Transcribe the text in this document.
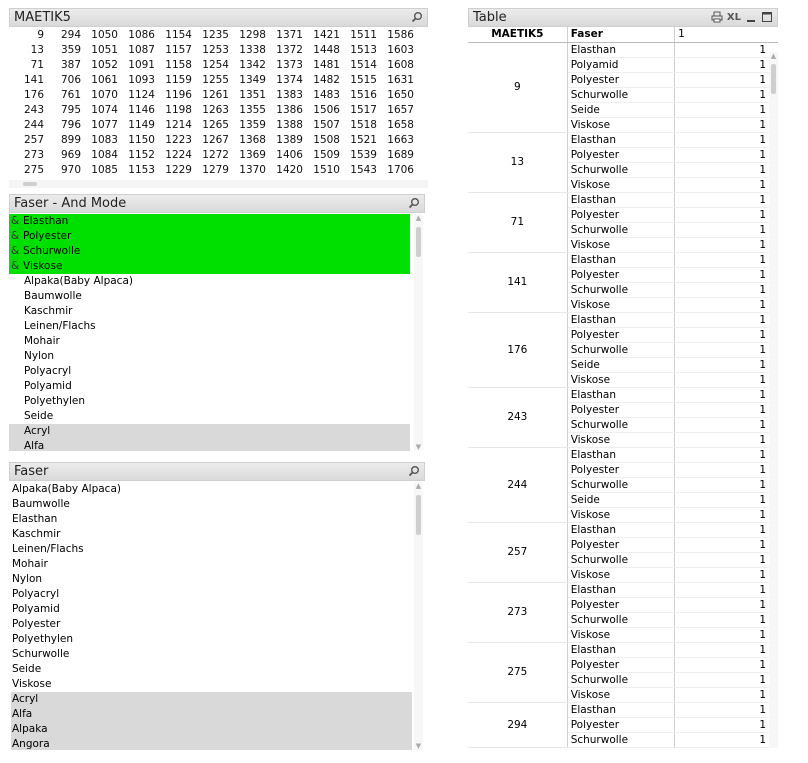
MAETIK5
9	294 1050 1086 1154 1235 1298 1371 1421 1511 1586
13	359 1051 1087 1157 1253 1338 1372 1448 1513 1603
71	387 1052 1091 1158 1254 1342 1373 1481 1514 1608
141	706 1061 1093 1159 1255 1349 1374 1482 1515 1631
176	761 1070 1124 1196 1261 1351 1383 1483 1516 1650
243	795 1074 1146 1198 1263 1355 1386 1506 1517 1657
244	796 1077 1149 1214 1265 1359 1388 1507 1518 1658
257	899 1083 1150 1223 1267 1368 1389 1508 1521 1663
273	969 1084 1152 1224 1272 1369 1406 1509 1539 1689
275	970 1085 1153 1229 1279 1370 1420 1510 1543 1706
Faser - And Mode
& Elasthan
& Polyester
& Schurwolle
& Viskose
Alpaka(Baby Alpaca)
Baumwolle
Kaschmir
Leinen/Flachs
Mohair
Nylon
Polyacryl
Polyamid
Polyethylen
Seide
Acryl
Alfa
▲
▼
Faser
Alpaka(Baby Alpaca)
Baumwolle
Elasthan
Kaschmir
Leinen/Flachs
Mohair
Nylon
Polyacryl
Polyamid
Polyester
Polyethylen
Schurwolle
Seide
Viskose
Acryl
Alfa
Alpaka
Angora
▲
▼
Table	XL
MAETIK5	Faser	1
9	Elasthan	1
	Polyamid	1
	Polyester	1
	Schurwolle	1
	Seide	1
	Viskose	1
13	Elasthan	1
	Polyester	1
	Schurwolle	1
	Viskose	1
71	Elasthan	1
	Polyester	1
	Schurwolle	1
	Viskose	1
141	Elasthan	1
	Polyester	1
	Schurwolle	1
	Viskose	1
176	Elasthan	1
	Polyester	1
	Schurwolle	1
	Seide	1
	Viskose	1
243	Elasthan	1
	Polyester	1
	Schurwolle	1
	Viskose	1
244	Elasthan	1
	Polyester	1
	Schurwolle	1
	Seide	1
	Viskose	1
257	Elasthan	1
	Polyester	1
	Schurwolle	1
	Viskose	1
273	Elasthan	1
	Polyester	1
	Schurwolle	1
	Viskose	1
275	Elasthan	1
	Polyester	1
	Schurwolle	1
	Viskose	1
294	Elasthan	1
	Polyester	1
	Schurwolle	1
▲
